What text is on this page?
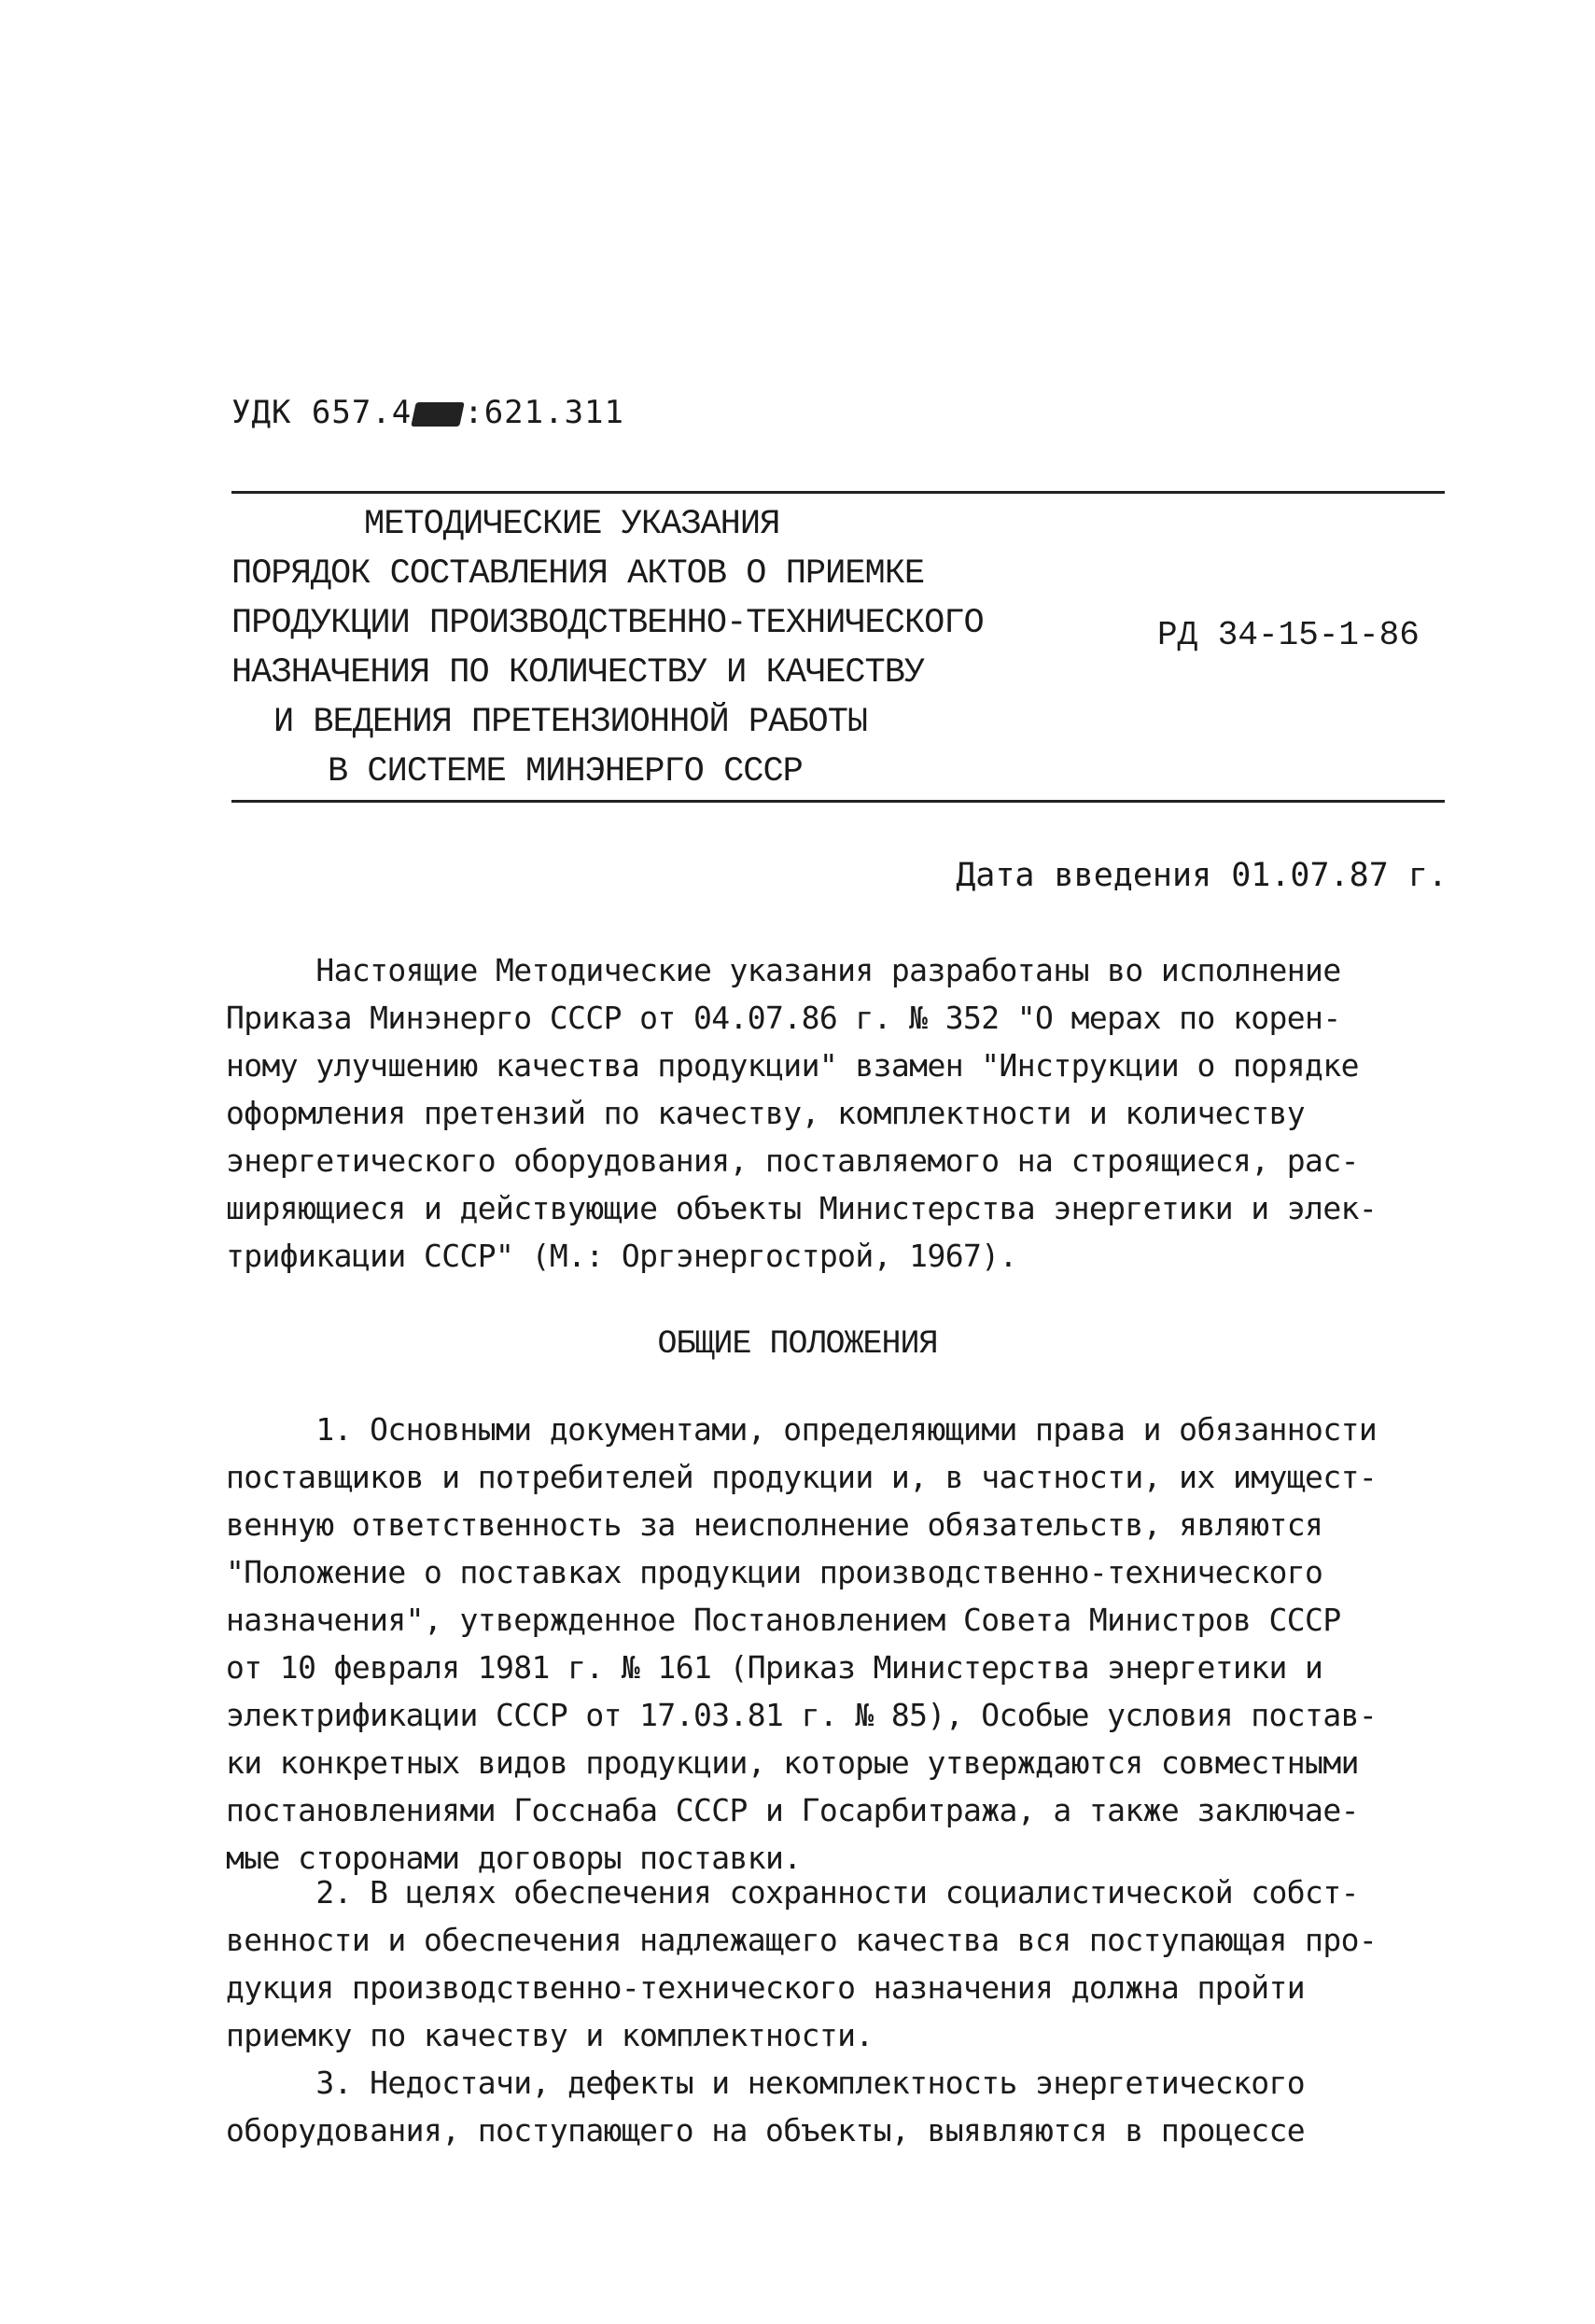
УДК 657.4 :621.311
МЕТОДИЧЕСКИЕ УКАЗАНИЯ
ПОРЯДОК СОСТАВЛЕНИЯ АКТОВ О ПРИЕМКЕ
ПРОДУКЦИИ ПРОИЗВОДСТВЕННО-ТЕХНИЧЕСКОГО
НАЗНАЧЕНИЯ ПО КОЛИЧЕСТВУ И КАЧЕСТВУ
И ВЕДЕНИЯ ПРЕТЕНЗИОННОЙ РАБОТЫ
В СИСТЕМЕ МИНЭНЕРГО СССР
РД 34-15-1-86
Дата введения 01.07.87 г.
Настоящие Методические указания разработаны во исполнение
Приказа Минэнерго СССР от 04.07.86 г. № 352 "О мерах по корен-
ному улучшению качества продукции" взамен "Инструкции о порядке
оформления претензий по качеству, комплектности и количеству
энергетического оборудования, поставляемого на строящиеся, рас-
ширяющиеся и действующие объекты Министерства энергетики и элек-
трификации СССР" (М.: Оргэнергострой, 1967).
ОБЩИЕ ПОЛОЖЕНИЯ
1. Основными документами, определяющими права и обязанности
поставщиков и потребителей продукции и, в частности, их имущест-
венную ответственность за неисполнение обязательств, являются
"Положение о поставках продукции производственно-технического
назначения", утвержденное Постановлением Совета Министров СССР
от 10 февраля 1981 г. № 161 (Приказ Министерства энергетики и
электрификации СССР от 17.03.81 г. № 85), Особые условия постав-
ки конкретных видов продукции, которые утверждаются совместными
постановлениями Госснаба СССР и Госарбитража, а также заключае-
мые сторонами договоры поставки.
2. В целях обеспечения сохранности социалистической собст-
венности и обеспечения надлежащего качества вся поступающая про-
дукция производственно-технического назначения должна пройти
приемку по качеству и комплектности.
3. Недостачи, дефекты и некомплектность энергетического
оборудования, поступающего на объекты, выявляются в процессе
